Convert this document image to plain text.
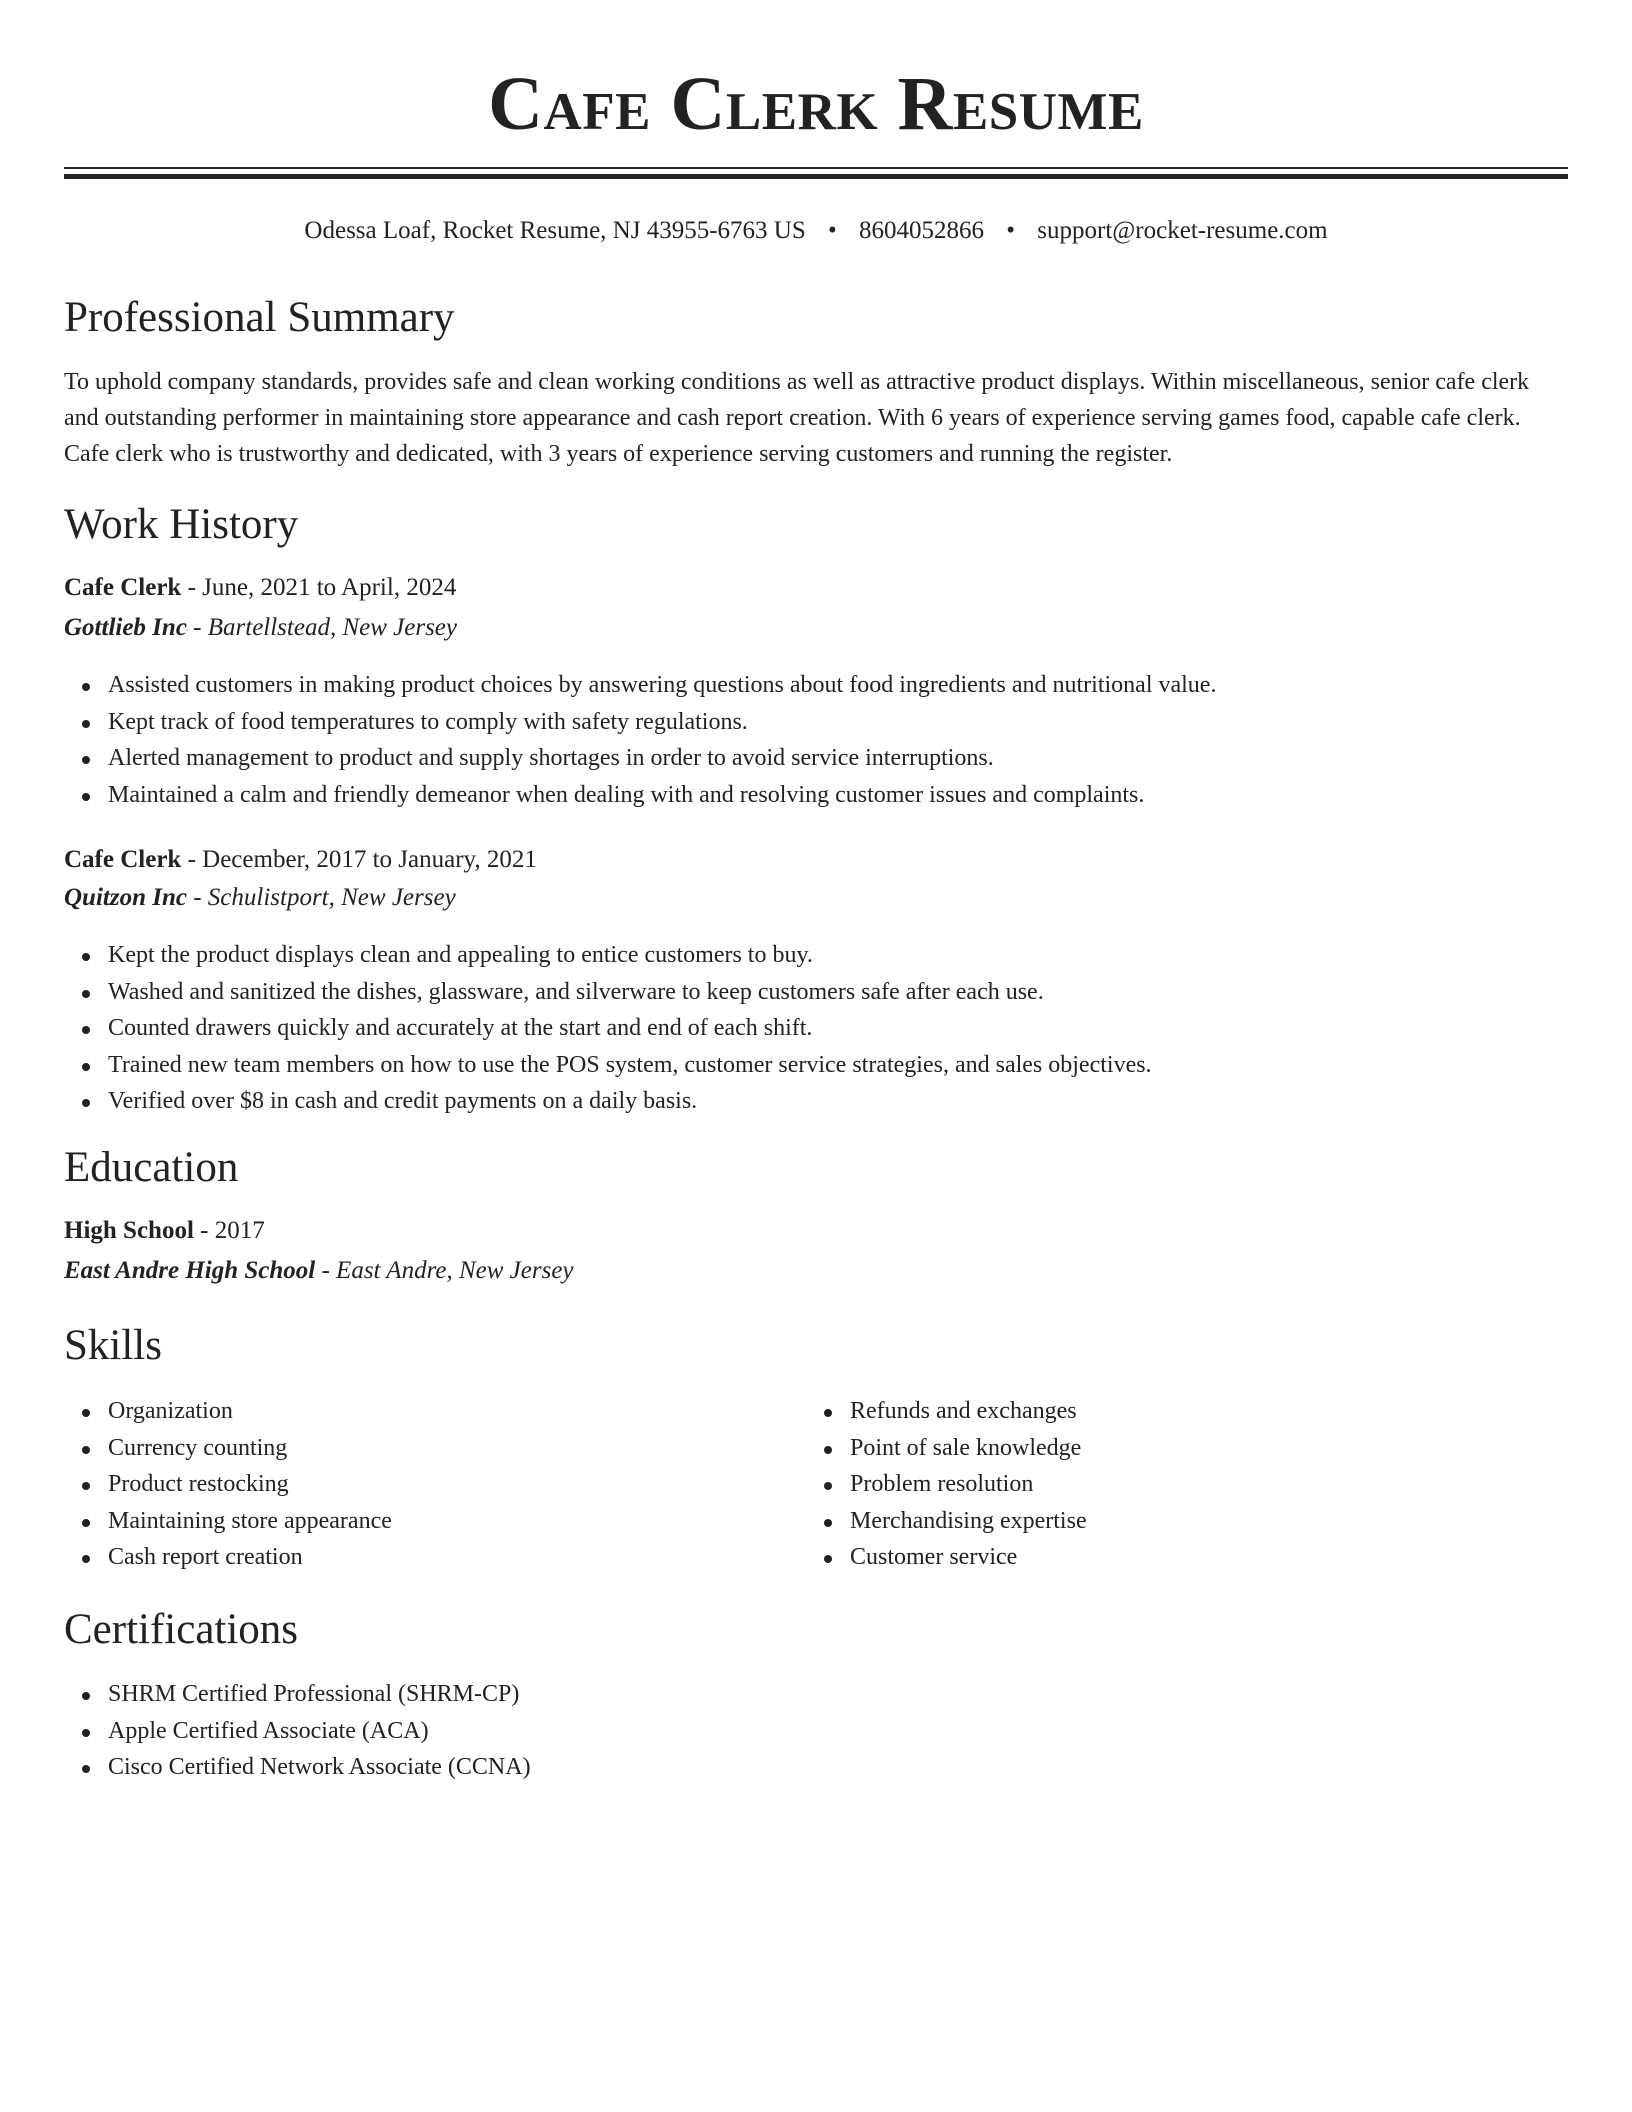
Cafe Clerk Resume
Odessa Loaf, Rocket Resume, NJ 43955-6763 US • 8604052866 • support@rocket-resume.com
Professional Summary

To uphold company standards, provides safe and clean working conditions as well as attractive product displays. Within miscellaneous, senior cafe clerk and outstanding performer in maintaining store appearance and cash report creation. With 6 years of experience serving games food, capable cafe clerk. Cafe clerk who is trustworthy and dedicated, with 3 years of experience serving customers and running the register.

Work History
Cafe Clerk - June, 2021 to April, 2024
Gottlieb Inc - Bartellstead, New Jersey
Assisted customers in making product choices by answering questions about food ingredients and nutritional value.
Kept track of food temperatures to comply with safety regulations.
Alerted management to product and supply shortages in order to avoid service interruptions.
Maintained a calm and friendly demeanor when dealing with and resolving customer issues and complaints.
Cafe Clerk - December, 2017 to January, 2021
Quitzon Inc - Schulistport, New Jersey
Kept the product displays clean and appealing to entice customers to buy.
Washed and sanitized the dishes, glassware, and silverware to keep customers safe after each use.
Counted drawers quickly and accurately at the start and end of each shift.
Trained new team members on how to use the POS system, customer service strategies, and sales objectives.
Verified over $8 in cash and credit payments on a daily basis.
Education
High School - 2017
East Andre High School - East Andre, New Jersey
Skills
Organization
Currency counting
Product restocking
Maintaining store appearance
Cash report creation
Refunds and exchanges
Point of sale knowledge
Problem resolution
Merchandising expertise
Customer service
Certifications
SHRM Certified Professional (SHRM-CP)
Apple Certified Associate (ACA)
Cisco Certified Network Associate (CCNA)
